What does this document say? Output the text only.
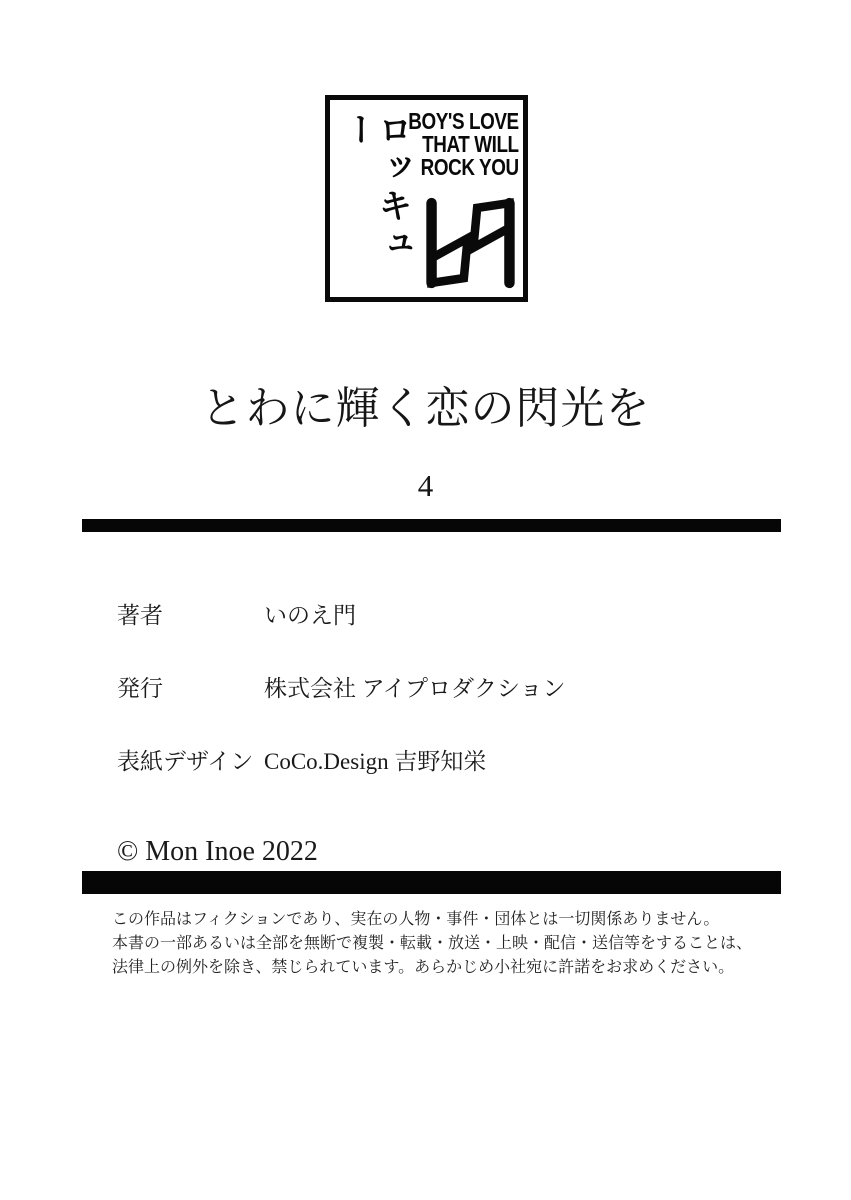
ロッキュー	BOY'S LOVE
THAT WILL
ROCK YOU
とわに輝く恋の閃光を
4
著者	いのえ門
発行	株式会社 アイプロダクション
表紙デザイン CoCo.Design 吉野知栄
© Mon Inoe 2022
この作品はフィクションであり、実在の人物・事件・団体とは一切関係ありません。
本書の一部あるいは全部を無断で複製・転載・放送・上映・配信・送信等をすることは、
法律上の例外を除き、禁じられています。あらかじめ小社宛に許諾をお求めください。
